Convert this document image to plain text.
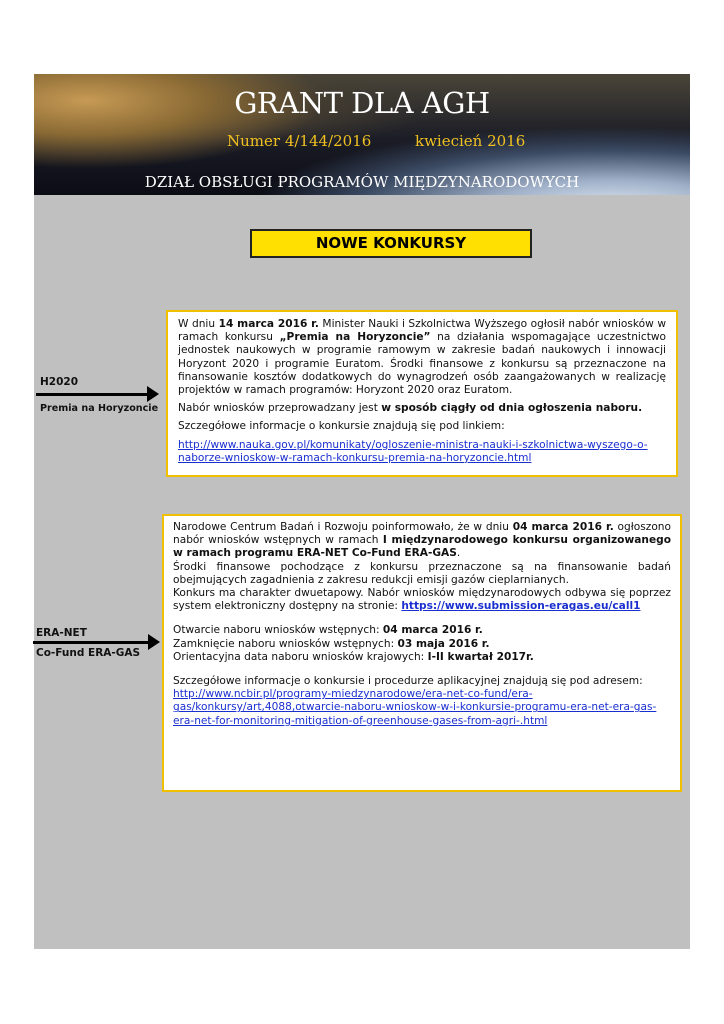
GRANT DLA AGH
Numer 4/144/2016	kwiecień 2016
DZIAŁ OBSŁUGI PROGRAMÓW MIĘDZYNARODOWYCH
NOWE KONKURSY
H2020
Premia na Horyzoncie

W dniu 14 marca 2016 r. Minister Nauki i Szkolnictwa Wyższego ogłosił nabór wniosków w ramach konkursu „Premia na Horyzoncie” na działania wspomagające uczestnictwo jednostek naukowych w programie ramowym w zakresie badań naukowych i innowacji Horyzont 2020 i programie Euratom. Środki finansowe z konkursu są przeznaczone na finansowanie kosztów dodatkowych do wynagrodzeń osób zaangażowanych w realizację projektów w ramach programów: Horyzont 2020 oraz Euratom.

Nabór wniosków przeprowadzany jest w sposób ciągły od dnia ogłoszenia naboru.

Szczegółowe informacje o konkursie znajdują się pod linkiem:

http://www.nauka.gov.pl/komunikaty/ogloszenie-ministra-nauki-i-szkolnictwa-wyszego-o-naborze-wnioskow-w-ramach-konkursu-premia-na-horyzoncie.html

ERA-NET
Co-Fund ERA-GAS

Narodowe Centrum Badań i Rozwoju poinformowało, że w dniu 04 marca 2016 r. ogłoszono nabór wniosków wstępnych w ramach I międzynarodowego konkursu organizowanego w ramach programu ERA-NET Co-Fund ERA-GAS.

Środki finansowe pochodzące z konkursu przeznaczone są na finansowanie badań obejmujących zagadnienia z zakresu redukcji emisji gazów cieplarnianych.

Konkurs ma charakter dwuetapowy. Nabór wniosków międzynarodowych odbywa się poprzez system elektroniczny dostępny na stronie: https://www.submission-eragas.eu/call1

Otwarcie naboru wniosków wstępnych: 04 marca 2016 r.

Zamknięcie naboru wniosków wstępnych: 03 maja 2016 r.

Orientacyjna data naboru wniosków krajowych: I-II kwartał 2017r.

Szczegółowe informacje o konkursie i procedurze aplikacyjnej znajdują się pod adresem:

http://www.ncbir.pl/programy-miedzynarodowe/era-net-co-fund/era-gas/konkursy/art,4088,otwarcie-naboru-wnioskow-w-i-konkursie-programu-era-net-era-gas-era-net-for-monitoring-mitigation-of-greenhouse-gases-from-agri-.html
